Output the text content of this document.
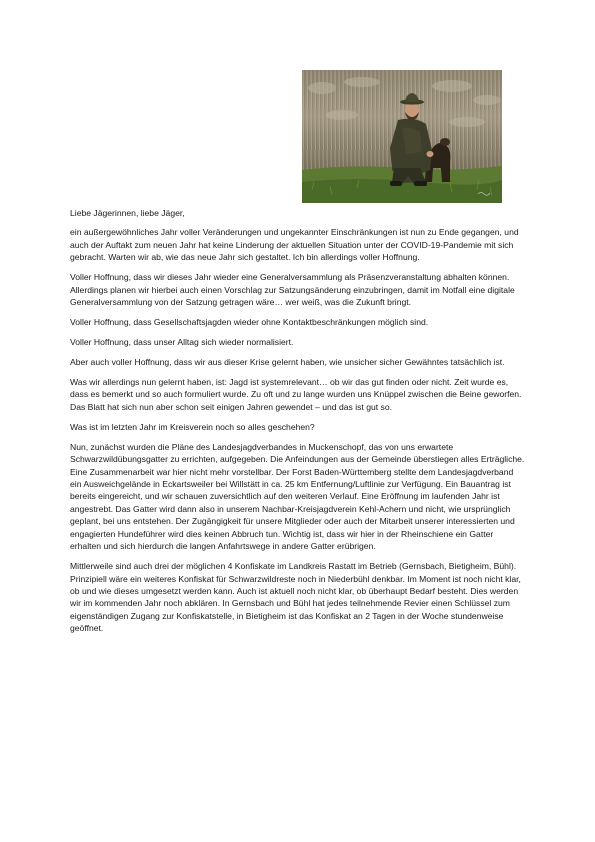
Liebe Jägerinnen, liebe Jäger,

ein außergewöhnliches Jahr voller Veränderungen und ungekannter Einschränkungen ist nun zu Ende gegangen, und auch der Auftakt zum neuen Jahr hat keine Linderung der aktuellen Situation unter der COVID-19-Pandemie mit sich gebracht. Warten wir ab, wie das neue Jahr sich gestaltet. Ich bin allerdings voller Hoffnung.

Voller Hoffnung, dass wir dieses Jahr wieder eine Generalversammlung als Präsenzveranstaltung abhalten können. Allerdings planen wir hierbei auch einen Vorschlag zur Satzungsänderung einzubringen, damit im Notfall eine digitale Generalversammlung von der Satzung getragen wäre… wer weiß, was die Zukunft bringt.

Voller Hoffnung, dass Gesellschaftsjagden wieder ohne Kontaktbeschränkungen möglich sind.

Voller Hoffnung, dass unser Alltag sich wieder normalisiert.

Aber auch voller Hoffnung, dass wir aus dieser Krise gelernt haben, wie unsicher sicher Gewähntes tatsächlich ist.

Was wir allerdings nun gelernt haben, ist: Jagd ist systemrelevant… ob wir das gut finden oder nicht. Zeit wurde es, dass es bemerkt und so auch formuliert wurde. Zu oft und zu lange wurden uns Knüppel zwischen die Beine geworfen. Das Blatt hat sich nun aber schon seit einigen Jahren gewendet – und das ist gut so.

Was ist im letzten Jahr im Kreisverein noch so alles geschehen?

Nun, zunächst wurden die Pläne des Landesjagdverbandes in Muckenschopf, das von uns erwartete Schwarzwildübungsgatter zu errichten, aufgegeben. Die Anfeindungen aus der Gemeinde überstiegen alles Erträgliche. Eine Zusammenarbeit war hier nicht mehr vorstellbar. Der Forst Baden-Württemberg stellte dem Landesjagdverband ein Ausweichgelände in Eckartsweiler bei Willstätt in ca. 25 km Entfernung/Luftlinie zur Verfügung. Ein Bauantrag ist bereits eingereicht, und wir schauen zuversichtlich auf den weiteren Verlauf. Eine Eröffnung im laufenden Jahr ist angestrebt. Das Gatter wird dann also in unserem Nachbar-Kreisjagdverein Kehl-Achern und nicht, wie ursprünglich geplant, bei uns entstehen. Der Zugängigkeit für unsere Mitglieder oder auch der Mitarbeit unserer interessierten und engagierten Hundeführer wird dies keinen Abbruch tun. Wichtig ist, dass wir hier in der Rheinschiene ein Gatter erhalten und sich hierdurch die langen Anfahrtswege in andere Gatter erübrigen.

Mittlerweile sind auch drei der möglichen 4 Konfiskate im Landkreis Rastatt im Betrieb (Gernsbach, Bietigheim, Bühl). Prinzipiell wäre ein weiteres Konfiskat für Schwarzwildreste noch in Niederbühl denkbar. Im Moment ist noch nicht klar, ob und wie dieses umgesetzt werden kann. Auch ist aktuell noch nicht klar, ob überhaupt Bedarf besteht. Dies werden wir im kommenden Jahr noch abklären. In Gernsbach und Bühl hat jedes teilnehmende Revier einen Schlüssel zum eigenständigen Zugang zur Konfiskatstelle, in Bietigheim ist das Konfiskat an 2 Tagen in der Woche stundenweise geöffnet.
